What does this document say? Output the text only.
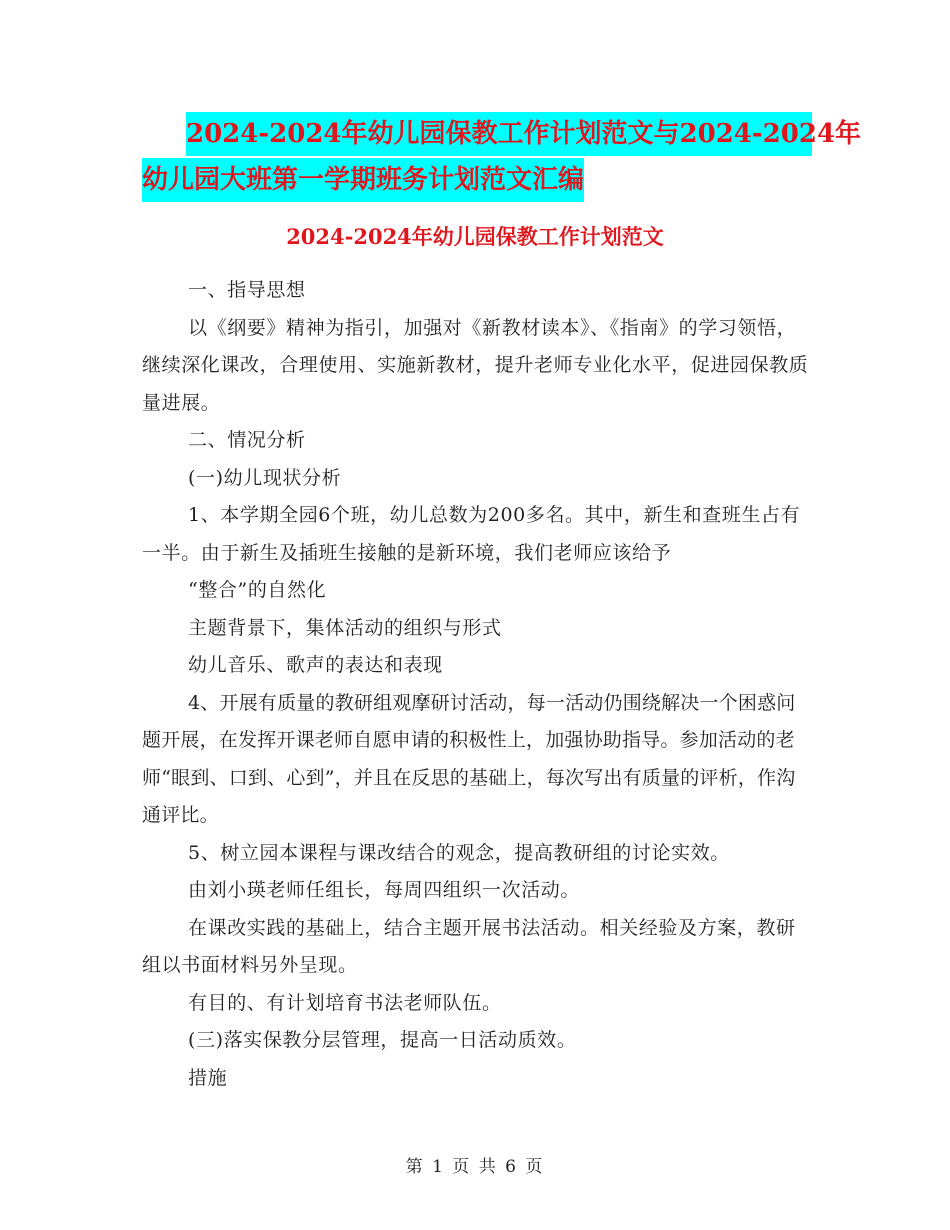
2024-2024年幼儿园保教工作计划范文与2024-2024年
幼儿园大班第一学期班务计划范文汇编
2024-2024年幼儿园保教工作计划范文

一、指导思想

以《纲要》精神为指引，加强对《新教材读本》、《指南》的学习领悟，继续深化课改，合理使用、实施新教材，提升老师专业化水平，促进园保教质量进展。

二、情况分析

(一)幼儿现状分析

1、本学期全园6个班，幼儿总数为200多名。其中，新生和查班生占有一半。由于新生及插班生接触的是新环境，我们老师应该给予

“整合”的自然化

主题背景下，集体活动的组织与形式

幼儿音乐、歌声的表达和表现

4、开展有质量的教研组观摩研讨活动，每一活动仍围绕解决一个困惑问题开展，在发挥开课老师自愿申请的积极性上，加强协助指导。参加活动的老师“眼到、口到、心到”，并且在反思的基础上，每次写出有质量的评析，作沟通评比。

5、树立园本课程与课改结合的观念，提高教研组的讨论实效。

由刘小瑛老师任组长，每周四组织一次活动。

在课改实践的基础上，结合主题开展书法活动。相关经验及方案，教研组以书面材料另外呈现。

有目的、有计划培育书法老师队伍。

(三)落实保教分层管理，提高一日活动质效。

措施

第 1 页 共 6 页
